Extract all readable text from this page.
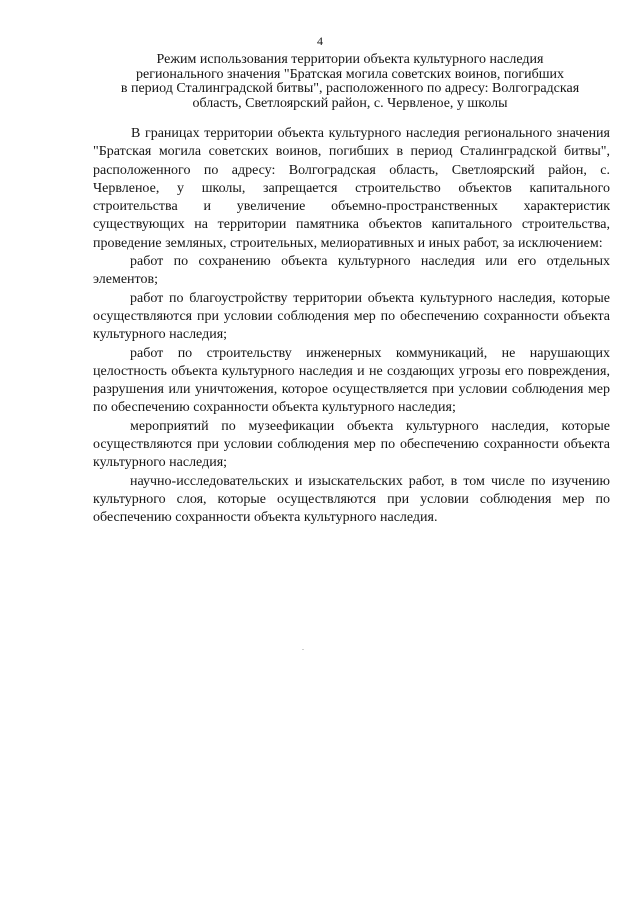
4
Режим использования территории объекта культурного наследия
регионального значения "Братская могила советских воинов, погибших
в период Сталинградской битвы", расположенного по адресу: Волгоградская
область, Светлоярский район, с. Червленое, у школы

В границах территории объекта культурного наследия регионального значения "Братская могила советских воинов, погибших в период Сталинградской битвы", расположенного по адресу: Волгоградская область, Светлоярский район, с. Червленое, у школы, запрещается строительство объектов капитального строительства и увеличение объемно-пространственных характеристик существующих на территории памятника объектов капитального строительства, проведение земляных, строительных, мелиоративных и иных работ, за исключением:

работ по сохранению объекта культурного наследия или его отдельных элементов;

работ по благоустройству территории объекта культурного наследия, которые осуществляются при условии соблюдения мер по обеспечению сохранности объекта культурного наследия;

работ по строительству инженерных коммуникаций, не нарушающих целостность объекта культурного наследия и не создающих угрозы его повреждения, разрушения или уничтожения, которое осуществляется при условии соблюдения мер по обеспечению сохранности объекта культурного наследия;

мероприятий по музеефикации объекта культурного наследия, которые осуществляются при условии соблюдения мер по обеспечению сохранности объекта культурного наследия;

научно-исследовательских и изыскательских работ, в том числе по изучению культурного слоя, которые осуществляются при условии соблюдения мер по обеспечению сохранности объекта культурного наследия.
